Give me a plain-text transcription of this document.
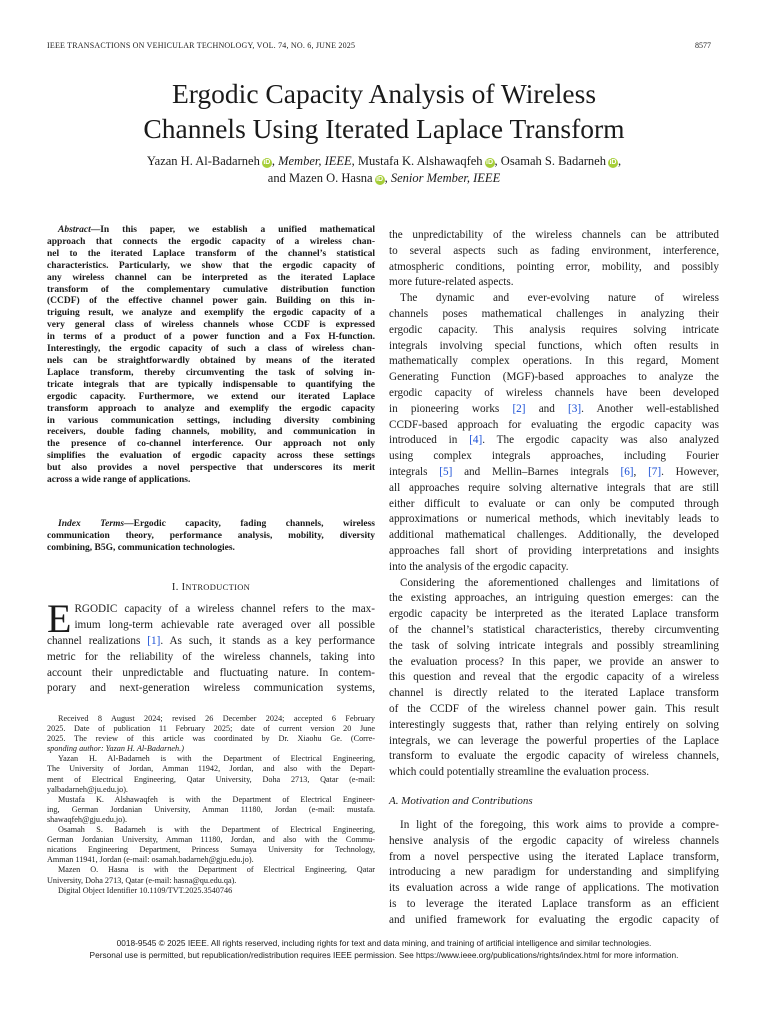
IEEE TRANSACTIONS ON VEHICULAR TECHNOLOGY, VOL. 74, NO. 6, JUNE 2025	8577
Ergodic Capacity Analysis of Wireless
Channels Using Iterated Laplace Transform
Yazan H. Al-Badarneh iD , Member, IEEE, Mustafa K. Alshawaqfeh iD , Osamah S. Badarneh iD ,
and Mazen O. Hasna iD , Senior Member, IEEE
Abstract—In this paper, we establish a unified mathematical
approach that connects the ergodic capacity of a wireless chan-
nel to the iterated Laplace transform of the channel’s statistical
characteristics. Particularly, we show that the ergodic capacity of
any wireless channel can be interpreted as the iterated Laplace
transform of the complementary cumulative distribution function
(CCDF) of the effective channel power gain. Building on this in-
triguing result, we analyze and exemplify the ergodic capacity of a
very general class of wireless channels whose CCDF is expressed
in terms of a product of a power function and a Fox H-function.
Interestingly, the ergodic capacity of such a class of wireless chan-
nels can be straightforwardly obtained by means of the iterated
Laplace transform, thereby circumventing the task of solving in-
tricate integrals that are typically indispensable to quantifying the
ergodic capacity. Furthermore, we extend our iterated Laplace
transform approach to analyze and exemplify the ergodic capacity
in various communication settings, including diversity combining
receivers, double fading channels, mobility, and communication in
the presence of co-channel interference. Our approach not only
simplifies the evaluation of ergodic capacity across these settings
but also provides a novel perspective that underscores its merit
across a wide range of applications.
Index Terms—Ergodic capacity, fading channels, wireless
communication theory, performance analysis, mobility, diversity
combining, B5G, communication technologies.
I. INTRODUCTION
E RGODIC capacity of a wireless channel refers to the max-
imum long-term achievable rate averaged over all possible
channel realizations [1]. As such, it stands as a key performance
metric for the reliability of the wireless channels, taking into
account their unpredictable and fluctuating nature. In contem-
porary and next-generation wireless communication systems,
Received 8 August 2024; revised 26 December 2024; accepted 6 February
2025. Date of publication 11 February 2025; date of current version 20 June
2025. The review of this article was coordinated by Dr. Xiaohu Ge. (Corre-
sponding author: Yazan H. Al-Badarneh.)
Yazan H. Al-Badarneh is with the Department of Electrical Engineering,
The University of Jordan, Amman 11942, Jordan, and also with the Depart-
ment of Electrical Engineering, Qatar University, Doha 2713, Qatar (e-mail:
yalbadarneh@ju.edu.jo).
Mustafa K. Alshawaqfeh is with the Department of Electrical Engineer-
ing, German Jordanian University, Amman 11180, Jordan (e-mail: mustafa.
shawaqfeh@gju.edu.jo).
Osamah S. Badarneh is with the Department of Electrical Engineering,
German Jordanian University, Amman 11180, Jordan, and also with the Commu-
nications Engineering Department, Princess Sumaya University for Technology,
Amman 11941, Jordan (e-mail: osamah.badarneh@gju.edu.jo).
Mazen O. Hasna is with the Department of Electrical Engineering, Qatar
University, Doha 2713, Qatar (e-mail: hasna@qu.edu.qa).
Digital Object Identifier 10.1109/TVT.2025.3540746
the unpredictability of the wireless channels can be attributed
to several aspects such as fading environment, interference,
atmospheric conditions, pointing error, mobility, and possibly
more future-related aspects.
The dynamic and ever-evolving nature of wireless
channels poses mathematical challenges in analyzing their
ergodic capacity. This analysis requires solving intricate
integrals involving special functions, which often results in
mathematically complex operations. In this regard, Moment
Generating Function (MGF)-based approaches to analyze the
ergodic capacity of wireless channels have been developed
in pioneering works [2] and [3]. Another well-established
CCDF-based approach for evaluating the ergodic capacity was
introduced in [4]. The ergodic capacity was also analyzed
using complex integrals approaches, including Fourier
integrals [5] and Mellin–Barnes integrals [6], [7]. However,
all approaches require solving alternative integrals that are still
either difficult to evaluate or can only be computed through
approximations or numerical methods, which inevitably leads to
additional mathematical challenges. Additionally, the developed
approaches fall short of providing interpretations and insights
into the analysis of the ergodic capacity.
Considering the aforementioned challenges and limitations of
the existing approaches, an intriguing question emerges: can the
ergodic capacity be interpreted as the iterated Laplace transform
of the channel’s statistical characteristics, thereby circumventing
the task of solving intricate integrals and possibly streamlining
the evaluation process? In this paper, we provide an answer to
this question and reveal that the ergodic capacity of a wireless
channel is directly related to the iterated Laplace transform
of the CCDF of the wireless channel power gain. This result
interestingly suggests that, rather than relying entirely on solving
integrals, we can leverage the powerful properties of the Laplace
transform to evaluate the ergodic capacity of wireless channels,
which could potentially streamline the evaluation process.
A. Motivation and Contributions
In light of the foregoing, this work aims to provide a compre-
hensive analysis of the ergodic capacity of wireless channels
from a novel perspective using the iterated Laplace transform,
introducing a new paradigm for understanding and simplifying
its evaluation across a wide range of applications. The motivation
is to leverage the iterated Laplace transform as an efficient
and unified framework for evaluating the ergodic capacity of
0018-9545 © 2025 IEEE. All rights reserved, including rights for text and data mining, and training of artificial intelligence and similar technologies.
Personal use is permitted, but republication/redistribution requires IEEE permission. See https://www.ieee.org/publications/rights/index.html for more information.
